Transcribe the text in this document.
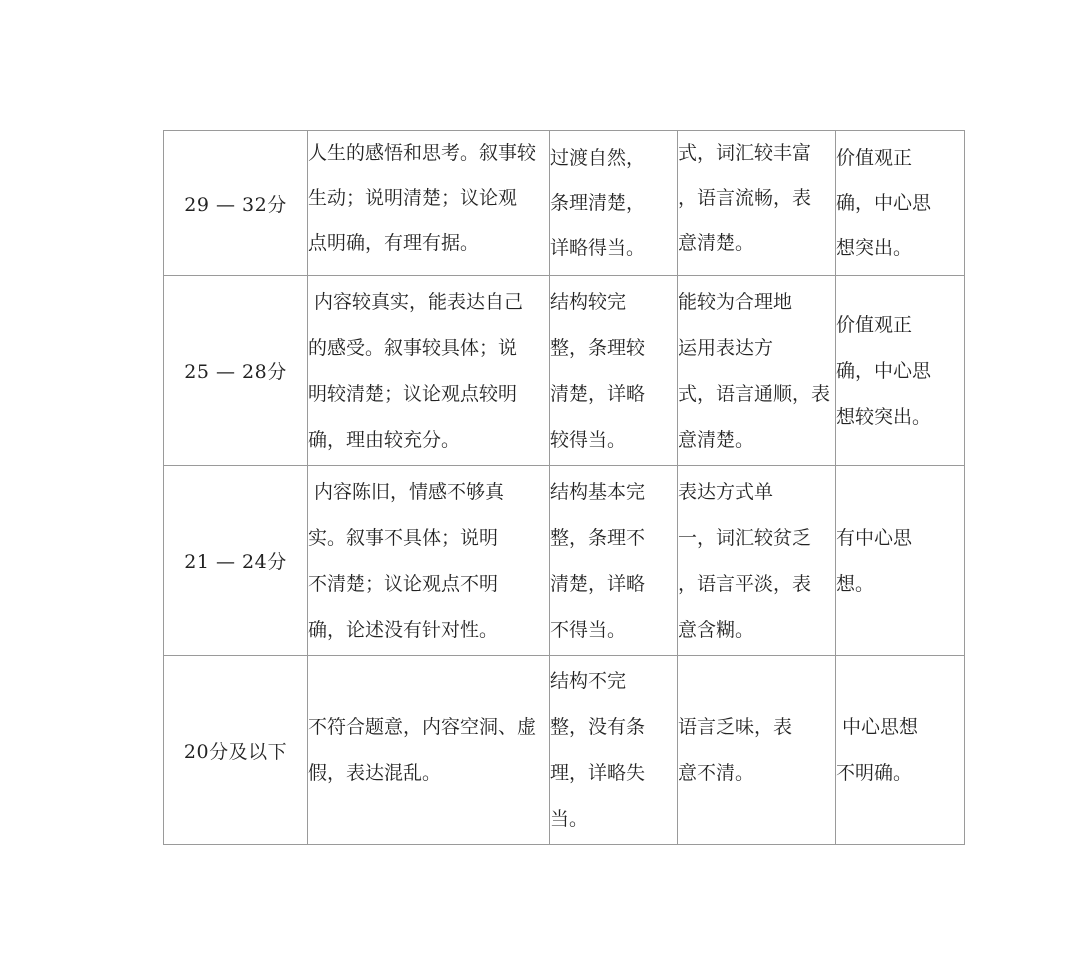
29 — 32分	人生的感悟和思考。叙事较
生动；说明清楚；议论观
点明确，有理有据。	过渡自然，
条理清楚，
详略得当。	式，词汇较丰富
，语言流畅，表
意清楚。	价值观正
确，中心思
想突出。

25 — 28分	内容较真实，能表达自己
的感受。叙事较具体；说
明较清楚；议论观点较明
确，理由较充分。	结构较完
整，条理较
清楚，详略
较得当。	能较为合理地
运用表达方
式，语言通顺，表
意清楚。	价值观正
确，中心思
想较突出。

21 — 24分	内容陈旧，情感不够真
实。叙事不具体；说明
不清楚；议论观点不明
确，论述没有针对性。	结构基本完
整，条理不
清楚，详略
不得当。	表达方式单
一，词汇较贫乏
，语言平淡，表
意含糊。	有中心思
想。

20分及以下	不符合题意，内容空洞、虚
假，表达混乱。	结构不完
整，没有条
理，详略失
当。	语言乏味，表
意不清。	中心思想
不明确。
